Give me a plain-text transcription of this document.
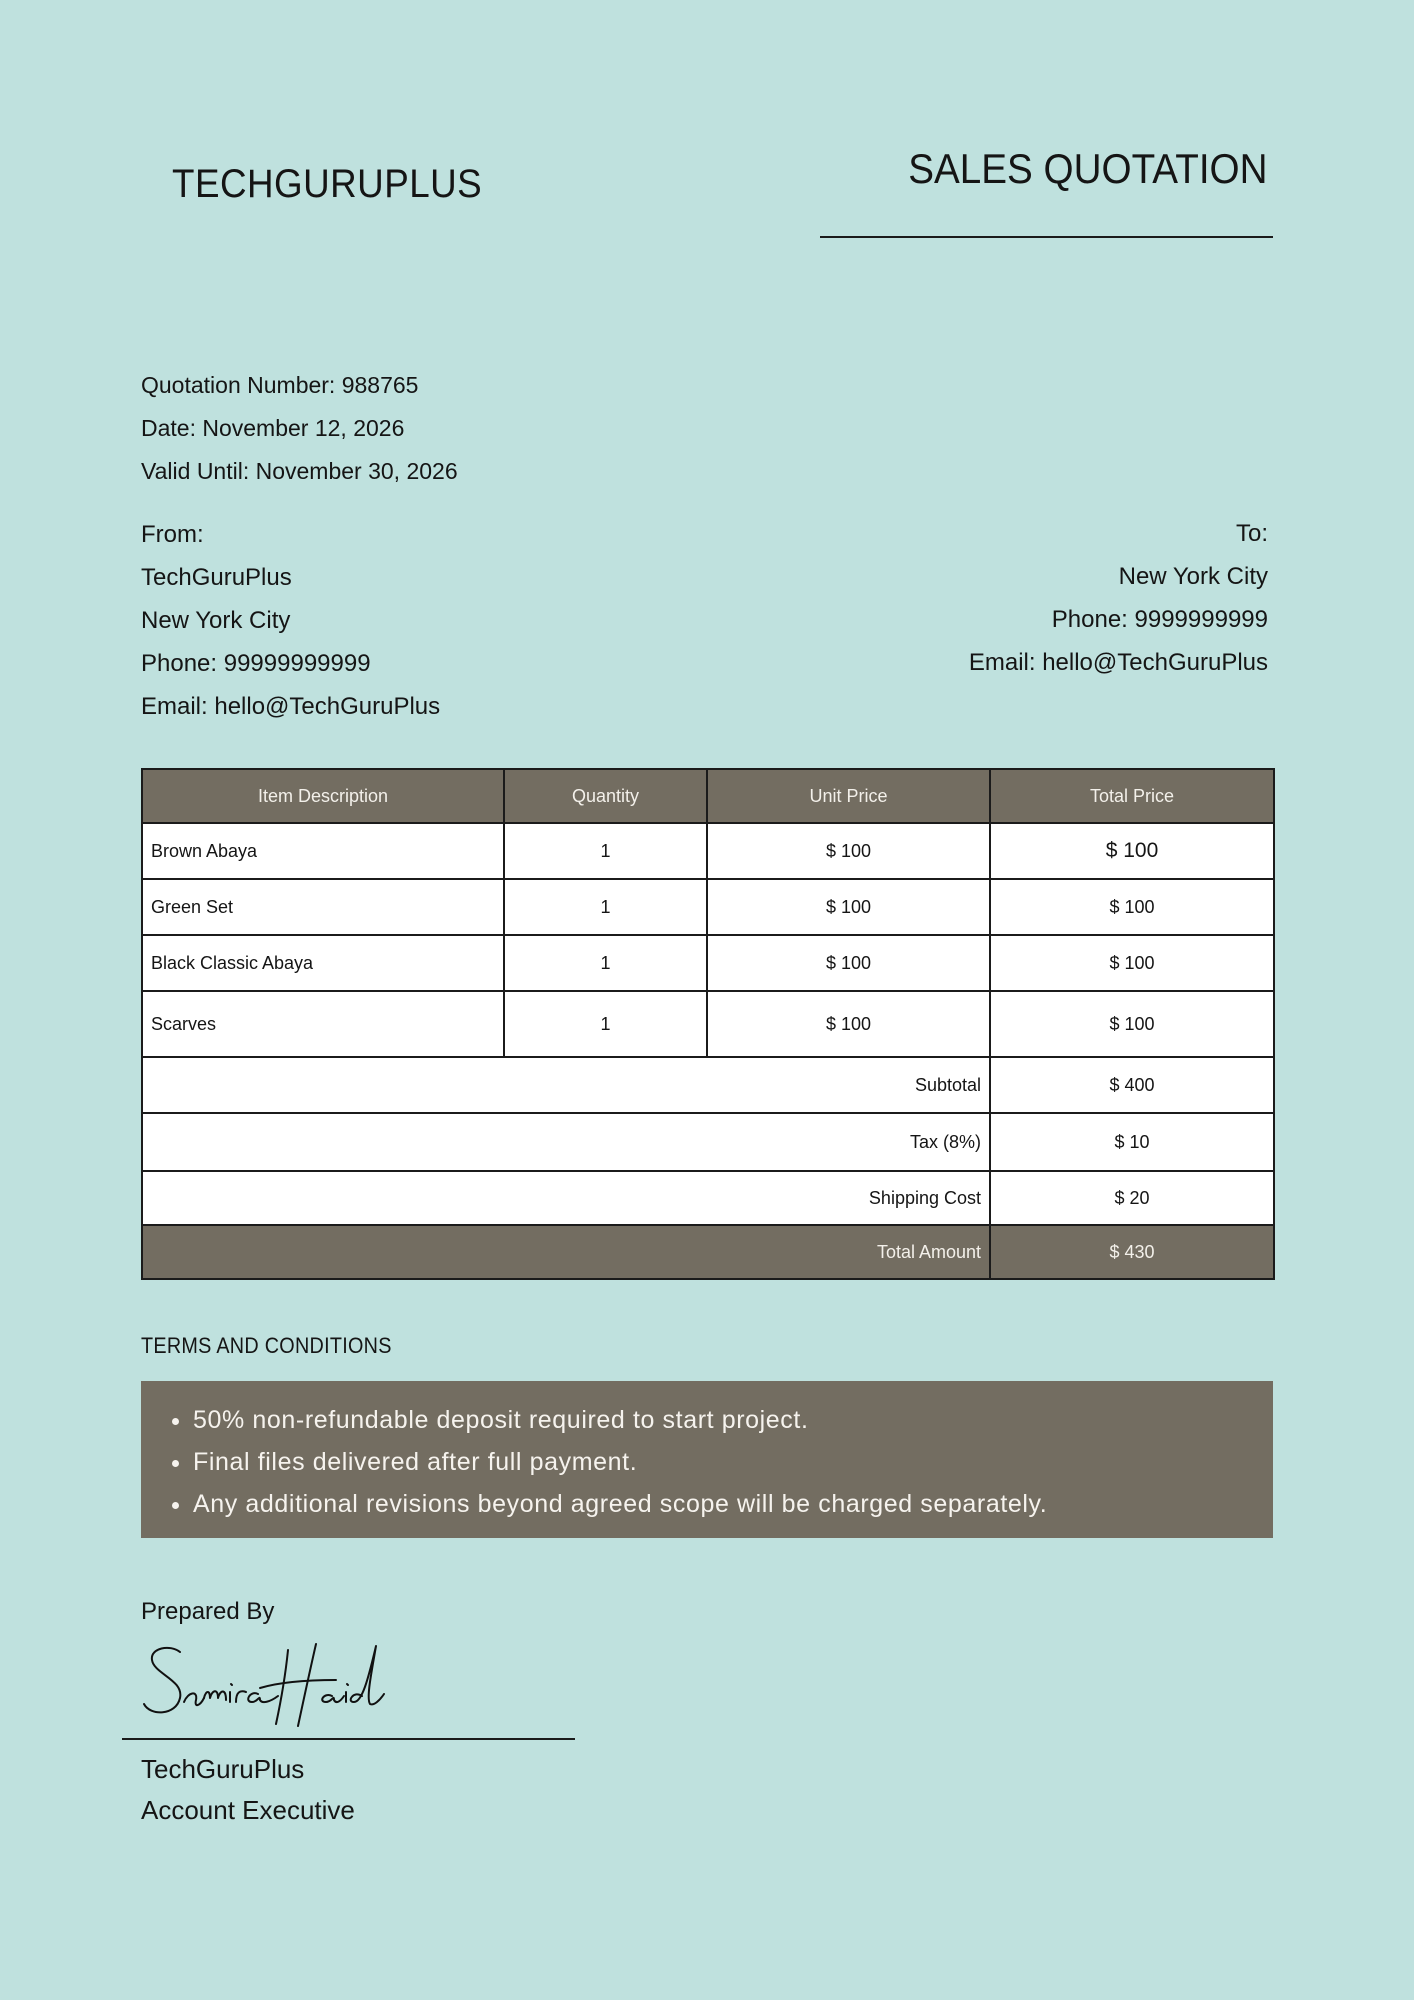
TECHGURUPLUS	SALES QUOTATION
Quotation Number: 988765
Date: November 12, 2026
Valid Until: November 30, 2026
From:
TechGuruPlus
New York City
Phone: 99999999999
Email: hello@TechGuruPlus
To:
New York City
Phone: 9999999999
Email: hello@TechGuruPlus
Item Description	Quantity	Unit Price	Total Price
Brown Abaya	1	$ 100	$ 100
Green Set	1	$ 100	$ 100
Black Classic Abaya	1	$ 100	$ 100
Scarves	1	$ 100	$ 100
Subtotal			$ 400
Tax (8%)			$ 10
Shipping Cost			$ 20
Total Amount			$ 430
TERMS AND CONDITIONS
• 50% non-refundable deposit required to start project.
• Final files delivered after full payment.
• Any additional revisions beyond agreed scope will be charged separately.
Prepared By
TechGuruPlus
Account Executive
